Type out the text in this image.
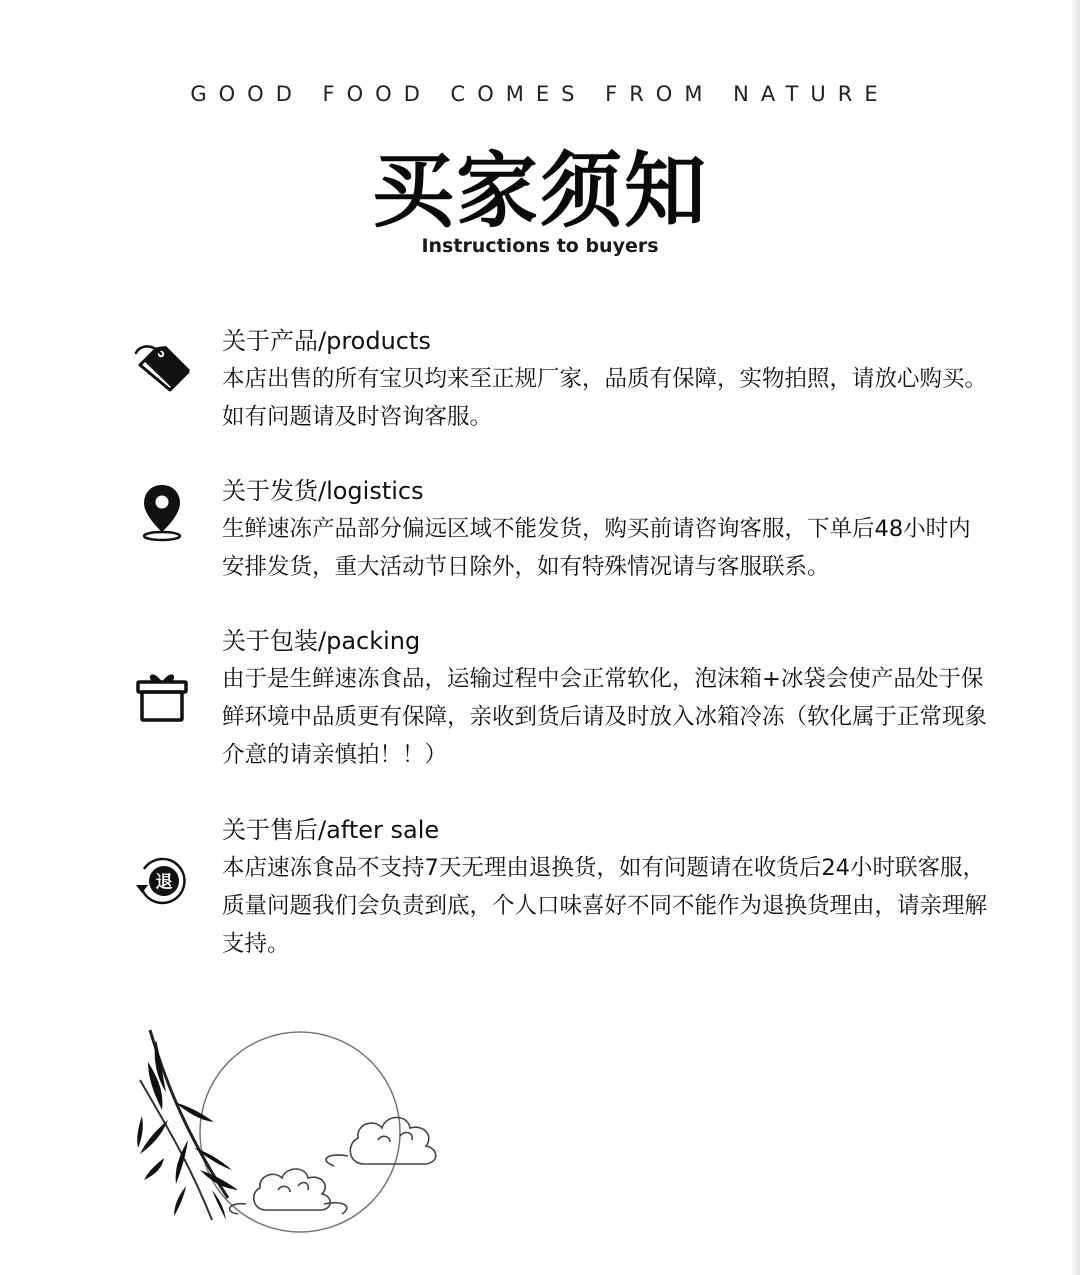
GOOD FOOD COMES FROM NATURE
买家须知
Instructions to buyers
关于产品/products

本店出售的所有宝贝均来至正规厂家，品质有保障，实物拍照，请放心购买。如有问题请及时咨询客服。

关于发货/logistics

生鲜速冻产品部分偏远区域不能发货，购买前请咨询客服，下单后48小时内安排发货，重大活动节日除外，如有特殊情况请与客服联系。

关于包装/packing

由于是生鲜速冻食品，运输过程中会正常软化，泡沫箱+冰袋会使产品处于保鲜环境中品质更有保障，亲收到货后请及时放入冰箱冷冻（软化属于正常现象介意的请亲慎拍！！）

退
关于售后/after sale

本店速冻食品不支持7天无理由退换货，如有问题请在收货后24小时联客服，质量问题我们会负责到底，个人口味喜好不同不能作为退换货理由，请亲理解支持。
